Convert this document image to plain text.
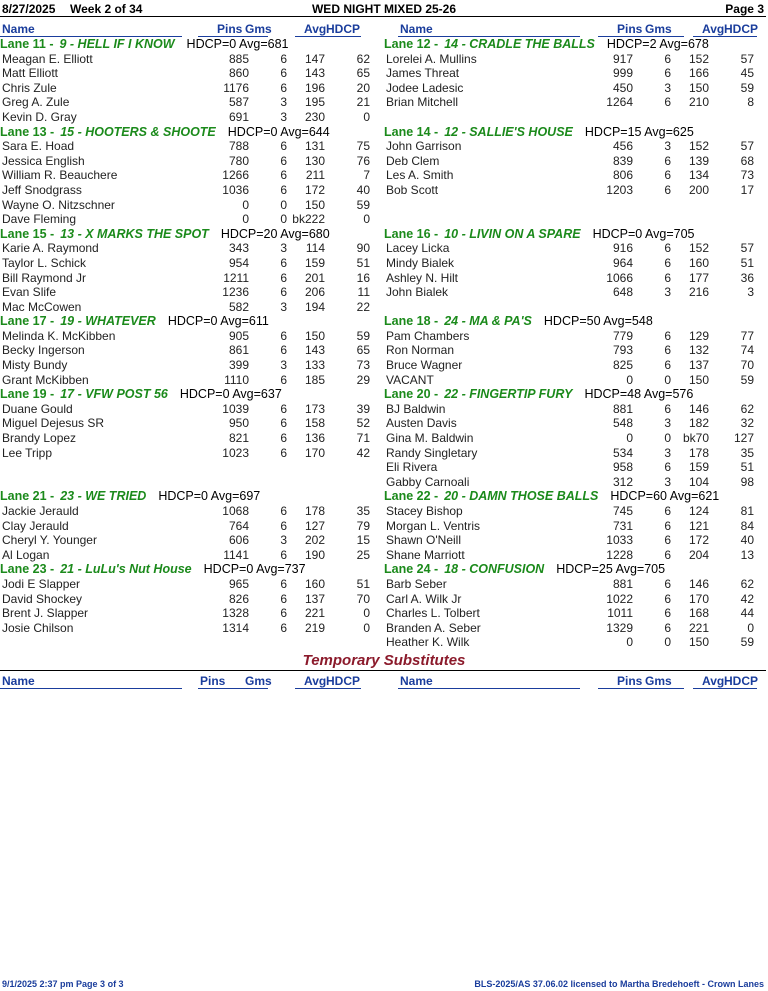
8/27/2025 Week 2 of 34	WED NIGHT MIXED 25-26	Page 3
Name	Pins Gms	Avg HDCP	Name	Pins Gms	Avg HDCP
Lane 11 - 9 - HELL IF I KNOW HDCP=0 Avg=681
Meagan E. Elliott	885	6 147	62
Matt Elliott	860	6 143	65
Chris Zule	1176	6 196	20
Greg A. Zule	587	3 195	21
Kevin D. Gray	691	3 230	0
Lane 13 - 15 - HOOTERS & SHOOTE HDCP=0 Avg=644
Sara E. Hoad	788	6 131	75
Jessica English	780	6 130	76
William R. Beauchere	1266	6 211	7
Jeff Snodgrass	1036	6 172	40
Wayne O. Nitzschner	0	0 150	59
Dave Fleming	0	0 bk222	0
Lane 15 - 13 - X MARKS THE SPOT HDCP=20 Avg=680
Karie A. Raymond	343	3 114	90
Taylor L. Schick	954	6 159	51
Bill Raymond Jr	1211	6 201	16
Evan Slife	1236	6 206	11
Mac McCowen	582	3 194	22
Lane 17 - 19 - WHATEVER HDCP=0 Avg=611
Melinda K. McKibben	905	6 150	59
Becky Ingerson	861	6 143	65
Misty Bundy	399	3 133	73
Grant McKibben	1110	6 185	29
Lane 19 - 17 - VFW POST 56 HDCP=0 Avg=637
Duane Gould	1039	6 173	39
Miguel Dejesus SR	950	6 158	52
Brandy Lopez	821	6 136	71
Lee Tripp	1023	6 170	42
Lane 21 - 23 - WE TRIED HDCP=0 Avg=697
Jackie Jerauld	1068	6 178	35
Clay Jerauld	764	6 127	79
Cheryl Y. Younger	606	3 202	15
Al Logan	1141	6 190	25
Lane 23 - 21 - LuLu's Nut House HDCP=0 Avg=737
Jodi E Slapper	965	6 160	51
David Shockey	826	6 137	70
Brent J. Slapper	1328	6 221	0
Josie Chilson	1314	6 219	0
Lane 12 - 14 - CRADLE THE BALLS HDCP=2 Avg=678
Lorelei A. Mullins	917	6 152	57
James Threat	999	6 166	45
Jodee Ladesic	450	3 150	59
Brian Mitchell	1264	6 210	8
Lane 14 - 12 - SALLIE'S HOUSE HDCP=15 Avg=625
John Garrison	456	3 152	57
Deb Clem	839	6 139	68
Les A. Smith	806	6 134	73
Bob Scott	1203	6 200	17
Lane 16 - 10 - LIVIN ON A SPARE HDCP=0 Avg=705
Lacey Licka	916	6 152	57
Mindy Bialek	964	6 160	51
Ashley N. Hilt	1066	6 177	36
John Bialek	648	3 216	3
Lane 18 - 24 - MA & PA'S HDCP=50 Avg=548
Pam Chambers	779	6 129	77
Ron Norman	793	6 132	74
Bruce Wagner	825	6 137	70
VACANT	0	0 150	59
Lane 20 - 22 - FINGERTIP FURY HDCP=48 Avg=576
BJ Baldwin	881	6 146	62
Austen Davis	548	3 182	32
Gina M. Baldwin	0	0 bk70 127
Randy Singletary	534	3 178	35
Eli Rivera	958	6 159	51
Gabby Carnoali	312	3 104	98
Lane 22 - 20 - DAMN THOSE BALLS HDCP=60 Avg=621
Stacey Bishop	745	6 124	81
Morgan L. Ventris	731	6 121	84
Shawn O'Neill	1033	6 172	40
Shane Marriott	1228	6 204	13
Lane 24 - 18 - CONFUSION HDCP=25 Avg=705
Barb Seber	881	6 146	62
Carl A. Wilk Jr	1022	6 170	42
Charles L. Tolbert	1011	6 168	44
Branden A. Seber	1329	6 221	0
Heather K. Wilk	0	0 150	59
Temporary Substitutes
Name	Pins Gms	Avg HDCP	Name	Pins Gms	Avg HDCP
9/1/2025 2:37 pm Page 3 of 3	BLS-2025/AS 37.06.02 licensed to Martha Bredehoeft - Crown Lanes
